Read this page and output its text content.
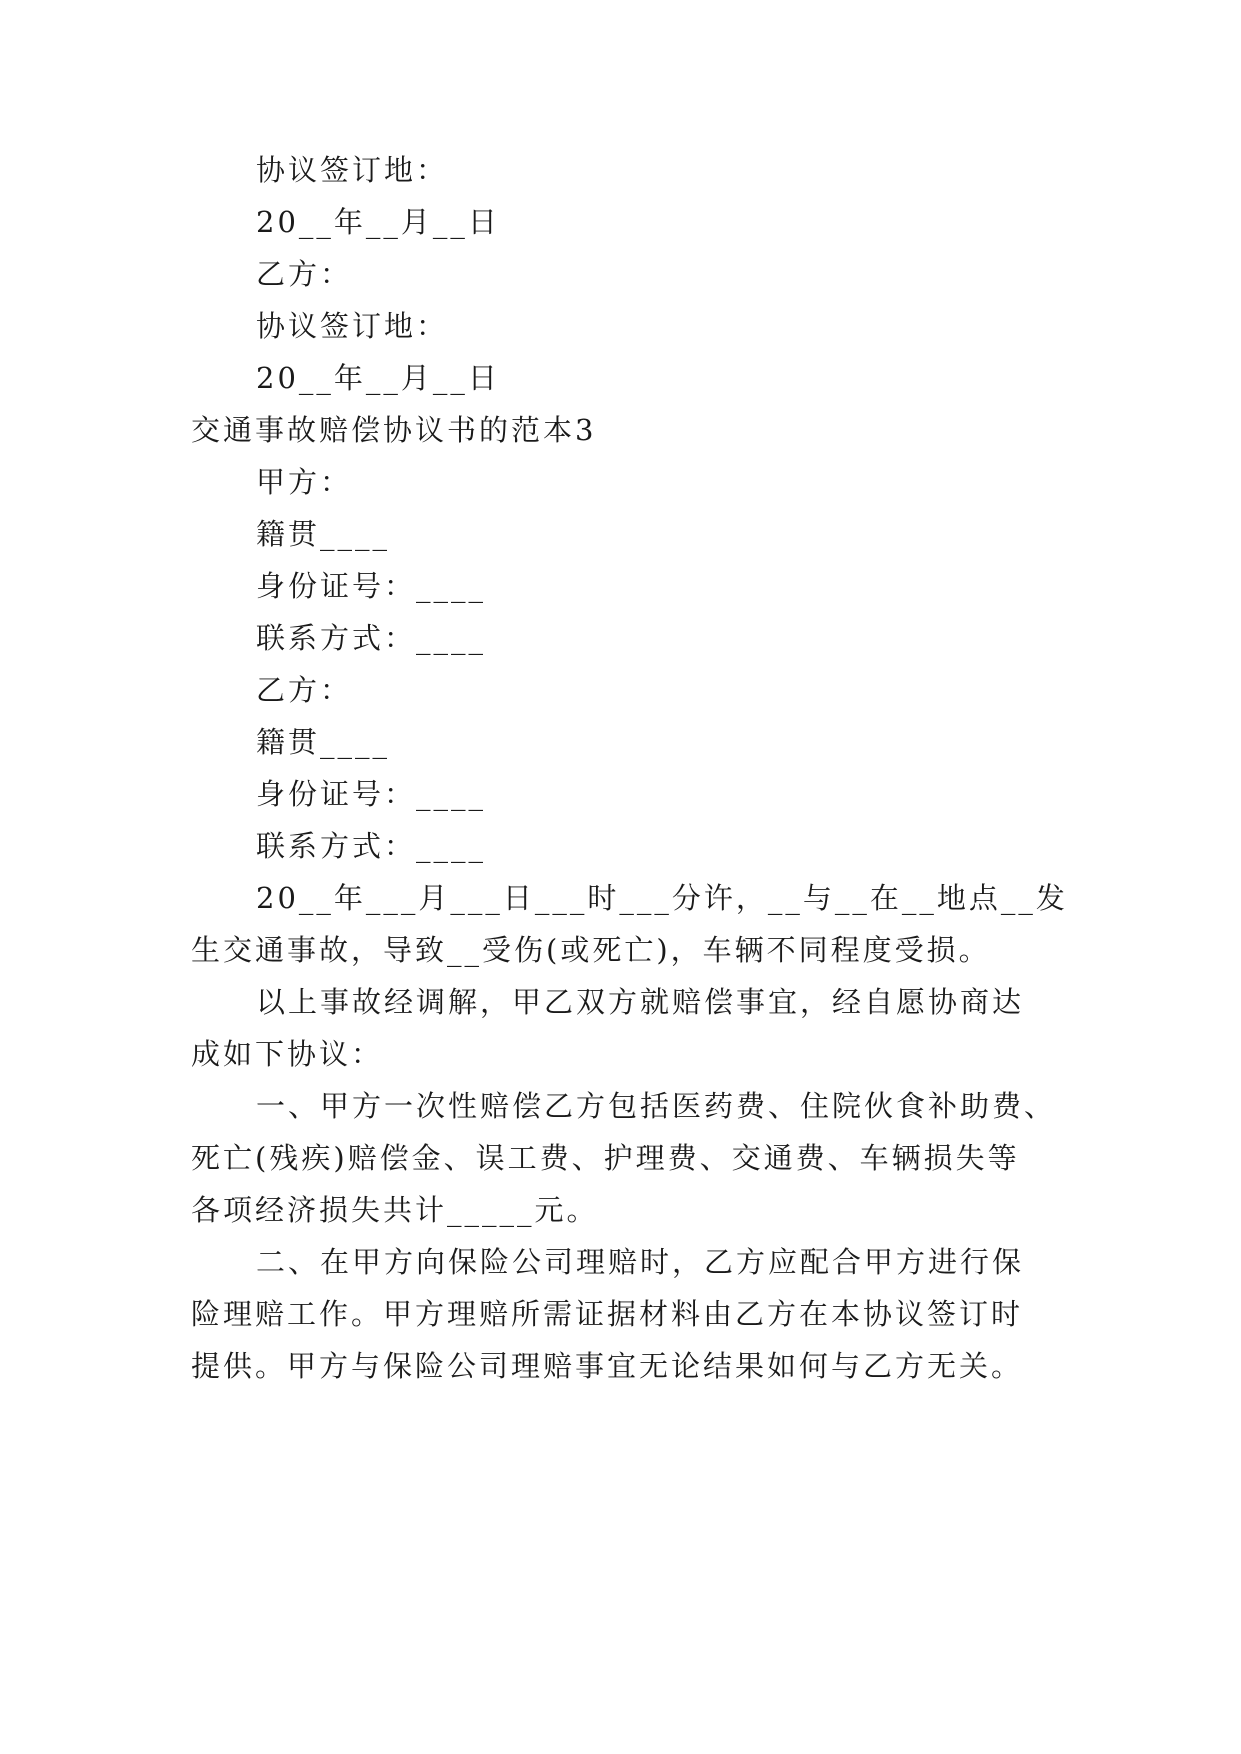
协议签订地：
20__年__月__日
乙方：
协议签订地：
20__年__月__日
交通事故赔偿协议书的范本3
甲方：
籍贯____
身份证号：____
联系方式：____
乙方：
籍贯____
身份证号：____
联系方式：____
20__年___月___日___时___分许，__与__在__地点__发
生交通事故，导致__受伤(或死亡)，车辆不同程度受损。
以上事故经调解，甲乙双方就赔偿事宜，经自愿协商达
成如下协议：
一、甲方一次性赔偿乙方包括医药费、住院伙食补助费、
死亡(残疾)赔偿金、误工费、护理费、交通费、车辆损失等
各项经济损失共计_____元。
二、在甲方向保险公司理赔时，乙方应配合甲方进行保
险理赔工作。甲方理赔所需证据材料由乙方在本协议签订时
提供。甲方与保险公司理赔事宜无论结果如何与乙方无关。
